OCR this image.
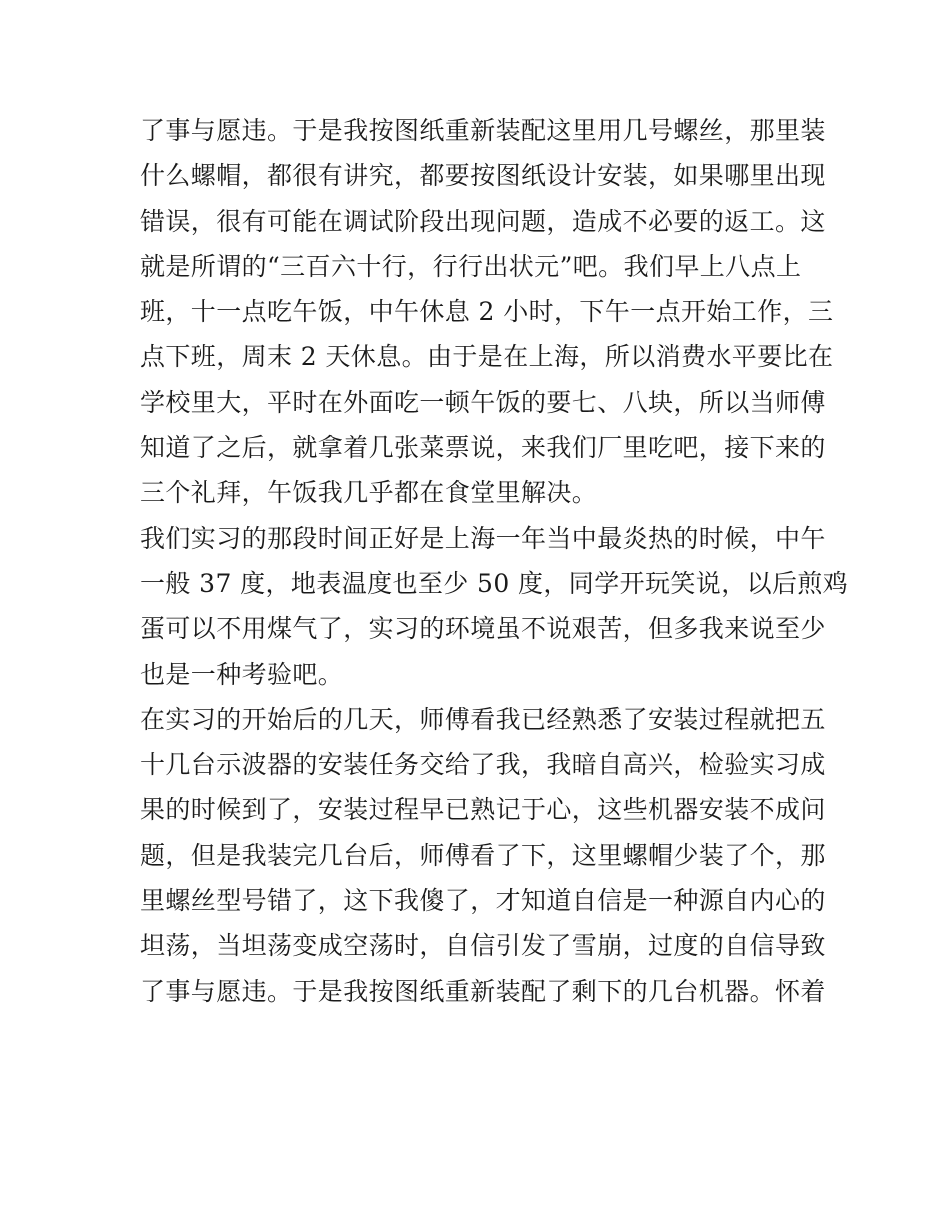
了事与愿违。于是我按图纸重新装配这里用几号螺丝，那里装
什么螺帽，都很有讲究，都要按图纸设计安装，如果哪里出现
错误，很有可能在调试阶段出现问题，造成不必要的返工。这
就是所谓的“三百六十行，行行出状元”吧。我们早上八点上
班，十一点吃午饭，中午休息 2 小时，下午一点开始工作，三
点下班，周末 2 天休息。由于是在上海，所以消费水平要比在
学校里大，平时在外面吃一顿午饭的要七、八块，所以当师傅
知道了之后，就拿着几张菜票说，来我们厂里吃吧，接下来的
三个礼拜，午饭我几乎都在食堂里解决。
我们实习的那段时间正好是上海一年当中最炎热的时候，中午
一般 37 度，地表温度也至少 50 度，同学开玩笑说，以后煎鸡
蛋可以不用煤气了，实习的环境虽不说艰苦，但多我来说至少
也是一种考验吧。
在实习的开始后的几天，师傅看我已经熟悉了安装过程就把五
十几台示波器的安装任务交给了我，我暗自高兴，检验实习成
果的时候到了，安装过程早已熟记于心，这些机器安装不成问
题，但是我装完几台后，师傅看了下，这里螺帽少装了个，那
里螺丝型号错了，这下我傻了，才知道自信是一种源自内心的
坦荡，当坦荡变成空荡时，自信引发了雪崩，过度的自信导致
了事与愿违。于是我按图纸重新装配了剩下的几台机器。怀着
